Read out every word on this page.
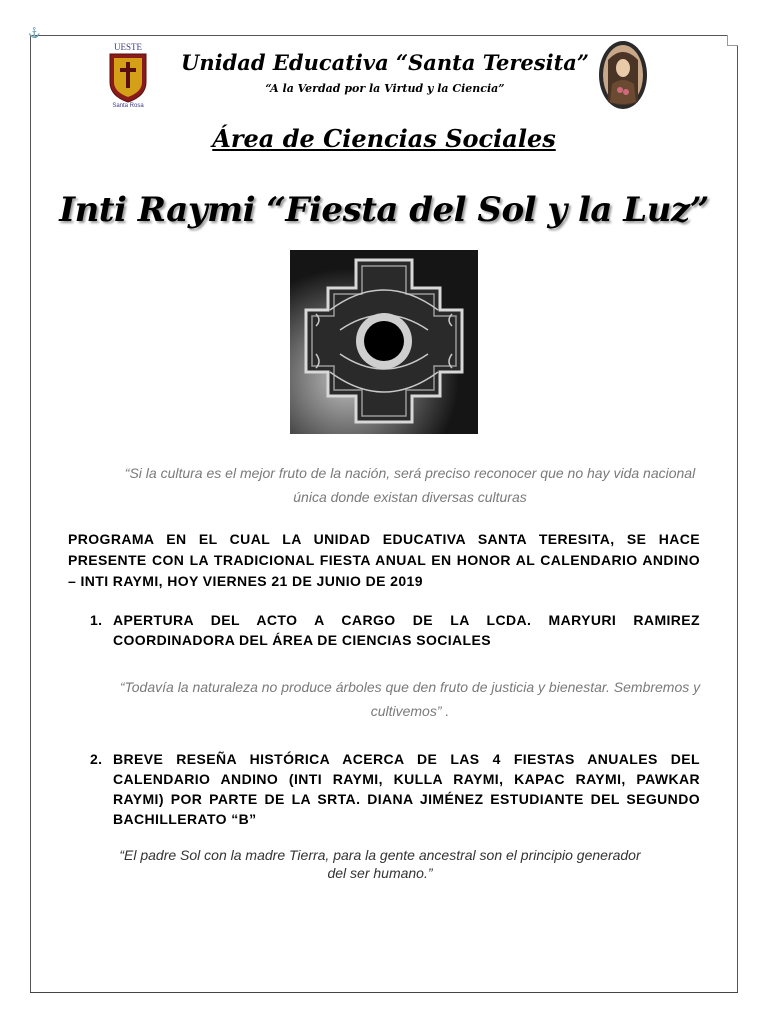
⚓
UESTE
Santa Rosa
Unidad Educativa “Santa Teresita”
“A la Verdad por la Virtud y la Ciencia”
Área de Ciencias Sociales
Inti Raymi “Fiesta del Sol y la Luz”
“Si la cultura es el mejor fruto de la nación, será preciso reconocer que no hay vida nacional única donde existan diversas culturas
PROGRAMA EN EL CUAL LA UNIDAD EDUCATIVA SANTA TERESITA, SE HACE PRESENTE CON LA TRADICIONAL FIESTA ANUAL EN HONOR AL CALENDARIO ANDINO – INTI RAYMI, HOY VIERNES 21 DE JUNIO DE 2019
1. APERTURA DEL ACTO A CARGO DE LA LCDA. MARYURI RAMIREZ COORDINADORA DEL ÁREA DE CIENCIAS SOCIALES
“Todavía la naturaleza no produce árboles que den fruto de justicia y bienestar. Sembremos y cultivemos” .
2. BREVE RESEÑA HISTÓRICA ACERCA DE LAS 4 FIESTAS ANUALES DEL CALENDARIO ANDINO (INTI RAYMI, KULLA RAYMI, KAPAC RAYMI, PAWKAR RAYMI) POR PARTE DE LA SRTA. DIANA JIMÉNEZ ESTUDIANTE DEL SEGUNDO BACHILLERATO “B”
“El padre Sol con la madre Tierra, para la gente ancestral son el principio generador del ser humano.”
